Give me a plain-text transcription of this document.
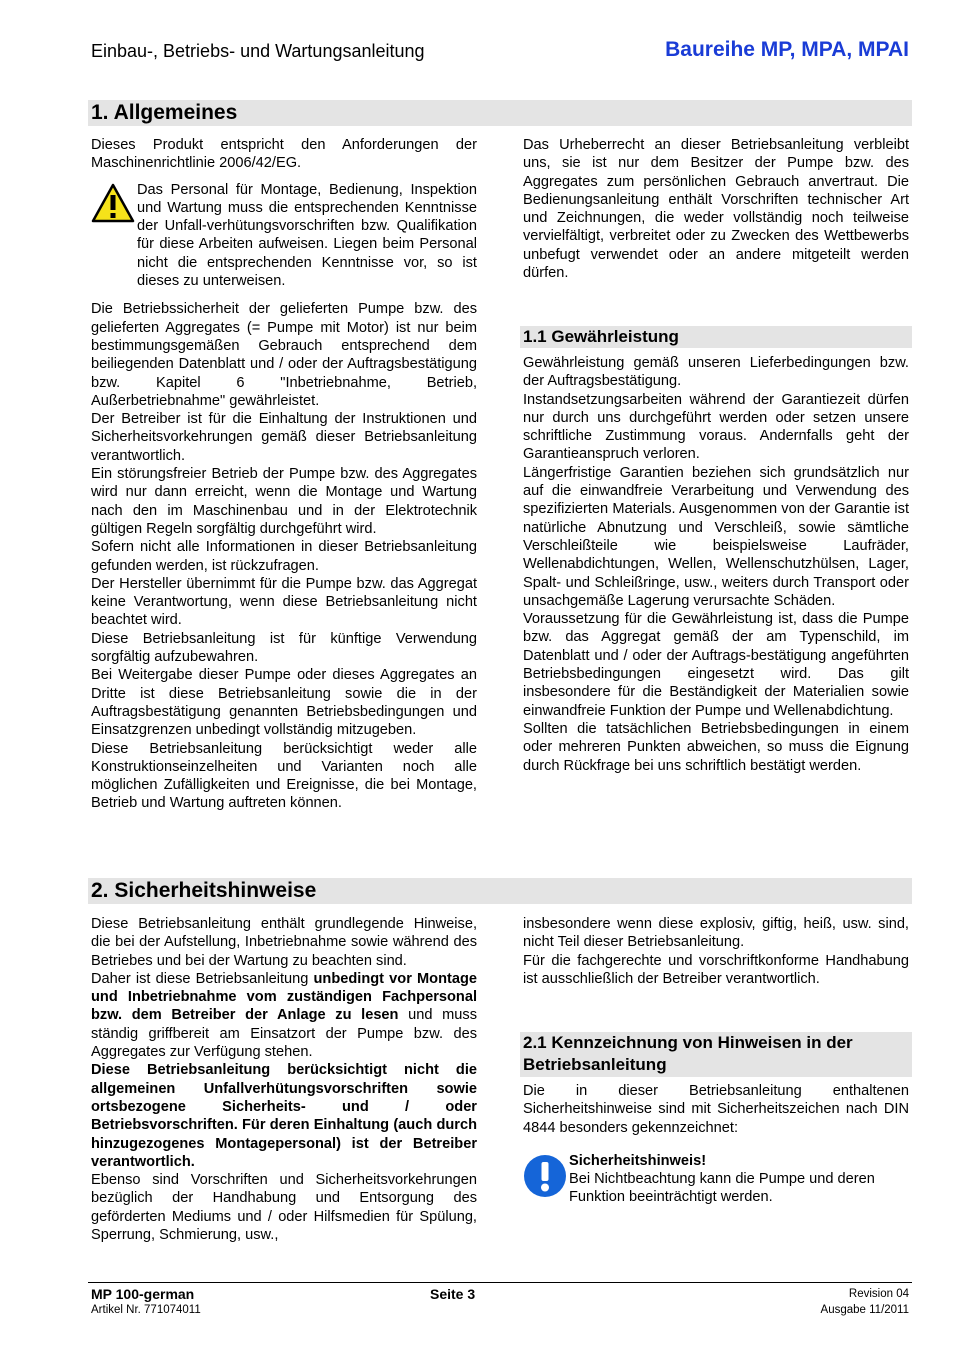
Einbau-, Betriebs- und Wartungsanleitung	Baureihe MP, MPA, MPAI
1. Allgemeines

Dieses Produkt entspricht den Anforderungen der Maschinenrichtlinie 2006/42/EG.

Das Personal für Montage, Bedienung, Inspektion und Wartung muss die entsprechenden Kenntnisse der Unfall-verhütungsvorschriften bzw. Qualifikation für diese Arbeiten aufweisen. Liegen beim Personal nicht die entsprechenden Kenntnisse vor, so ist dieses zu unterweisen.

Die Betriebssicherheit der gelieferten Pumpe bzw. des gelieferten Aggregates (= Pumpe mit Motor) ist nur beim bestimmungsgemäßen Gebrauch entsprechend dem beiliegenden Datenblatt und / oder der Auftragsbestätigung bzw. Kapitel 6 "Inbetriebnahme, Betrieb, Außerbetriebnahme" gewährleistet.

Der Betreiber ist für die Einhaltung der Instruktionen und Sicherheitsvorkehrungen gemäß dieser Betriebsanleitung verantwortlich.

Ein störungsfreier Betrieb der Pumpe bzw. des Aggregates wird nur dann erreicht, wenn die Montage und Wartung nach den im Maschinenbau und in der Elektrotechnik gültigen Regeln sorgfältig durchgeführt wird.

Sofern nicht alle Informationen in dieser Betriebsanleitung gefunden werden, ist rückzufragen.

Der Hersteller übernimmt für die Pumpe bzw. das Aggregat keine Verantwortung, wenn diese Betriebsanleitung nicht beachtet wird.

Diese Betriebsanleitung ist für künftige Verwendung sorgfältig aufzubewahren.

Bei Weitergabe dieser Pumpe oder dieses Aggregates an Dritte ist diese Betriebsanleitung sowie die in der Auftragsbestätigung genannten Betriebsbedingungen und Einsatzgrenzen unbedingt vollständig mitzugeben.

Diese Betriebsanleitung berücksichtigt weder alle Konstruktionseinzelheiten und Varianten noch alle möglichen Zufälligkeiten und Ereignisse, die bei Montage, Betrieb und Wartung auftreten können.

Das Urheberrecht an dieser Betriebsanleitung verbleibt uns, sie ist nur dem Besitzer der Pumpe bzw. des Aggregates zum persönlichen Gebrauch anvertraut. Die Bedienungsanleitung enthält Vorschriften technischer Art und Zeichnungen, die weder vollständig noch teilweise vervielfältigt, verbreitet oder zu Zwecken des Wettbewerbs unbefugt verwendet oder an andere mitgeteilt werden dürfen.

1.1 Gewährleistung

Gewährleistung gemäß unseren Lieferbedingungen bzw. der Auftragsbestätigung.

Instandsetzungsarbeiten während der Garantiezeit dürfen nur durch uns durchgeführt werden oder setzen unsere schriftliche Zustimmung voraus. Andernfalls geht der Garantieanspruch verloren.

Längerfristige Garantien beziehen sich grundsätzlich nur auf die einwandfreie Verarbeitung und Verwendung des spezifizierten Materials. Ausgenommen von der Garantie ist natürliche Abnutzung und Verschleiß, sowie sämtliche Verschleißteile wie beispielsweise Laufräder, Wellenabdichtungen, Wellen, Wellenschutzhülsen, Lager, Spalt- und Schleißringe, usw., weiters durch Transport oder unsachgemäße Lagerung verursachte Schäden.

Voraussetzung für die Gewährleistung ist, dass die Pumpe bzw. das Aggregat gemäß der am Typenschild, im Datenblatt und / oder der Auftrags-bestätigung angeführten Betriebsbedingungen eingesetzt wird. Das gilt insbesondere für die Beständigkeit der Materialien sowie einwandfreie Funktion der Pumpe und Wellenabdichtung.

Sollten die tatsächlichen Betriebsbedingungen in einem oder mehreren Punkten abweichen, so muss die Eignung durch Rückfrage bei uns schriftlich bestätigt werden.

2. Sicherheitshinweise

Diese Betriebsanleitung enthält grundlegende Hinweise, die bei der Aufstellung, Inbetriebnahme sowie während des Betriebes und bei der Wartung zu beachten sind.

Daher ist diese Betriebsanleitung unbedingt vor Montage und Inbetriebnahme vom zuständigen Fachpersonal bzw. dem Betreiber der Anlage zu lesen und muss ständig griffbereit am Einsatzort der Pumpe bzw. des Aggregates zur Verfügung stehen.

Diese Betriebsanleitung berücksichtigt nicht die allgemeinen Unfallverhütungsvorschriften sowie ortsbezogene Sicherheits- und / oder Betriebsvorschriften. Für deren Einhaltung (auch durch hinzugezogenes Montagepersonal) ist der Betreiber verantwortlich.

Ebenso sind Vorschriften und Sicherheitsvorkehrungen bezüglich der Handhabung und Entsorgung des geförderten Mediums und / oder Hilfsmedien für Spülung, Sperrung, Schmierung, usw.,

insbesondere wenn diese explosiv, giftig, heiß, usw. sind, nicht Teil dieser Betriebsanleitung.

Für die fachgerechte und vorschriftkonforme Handhabung ist ausschließlich der Betreiber verantwortlich.

2.1 Kennzeichnung von Hinweisen in der Betriebsanleitung

Die in dieser Betriebsanleitung enthaltenen Sicherheitshinweise sind mit Sicherheitszeichen nach DIN 4844 besonders gekennzeichnet:

Sicherheitshinweis!
Bei Nichtbeachtung kann die Pumpe und deren Funktion beeinträchtigt werden.
MP 100-german	Seite 3	Revision 04
Artikel Nr. 771074011	Ausgabe 11/2011
